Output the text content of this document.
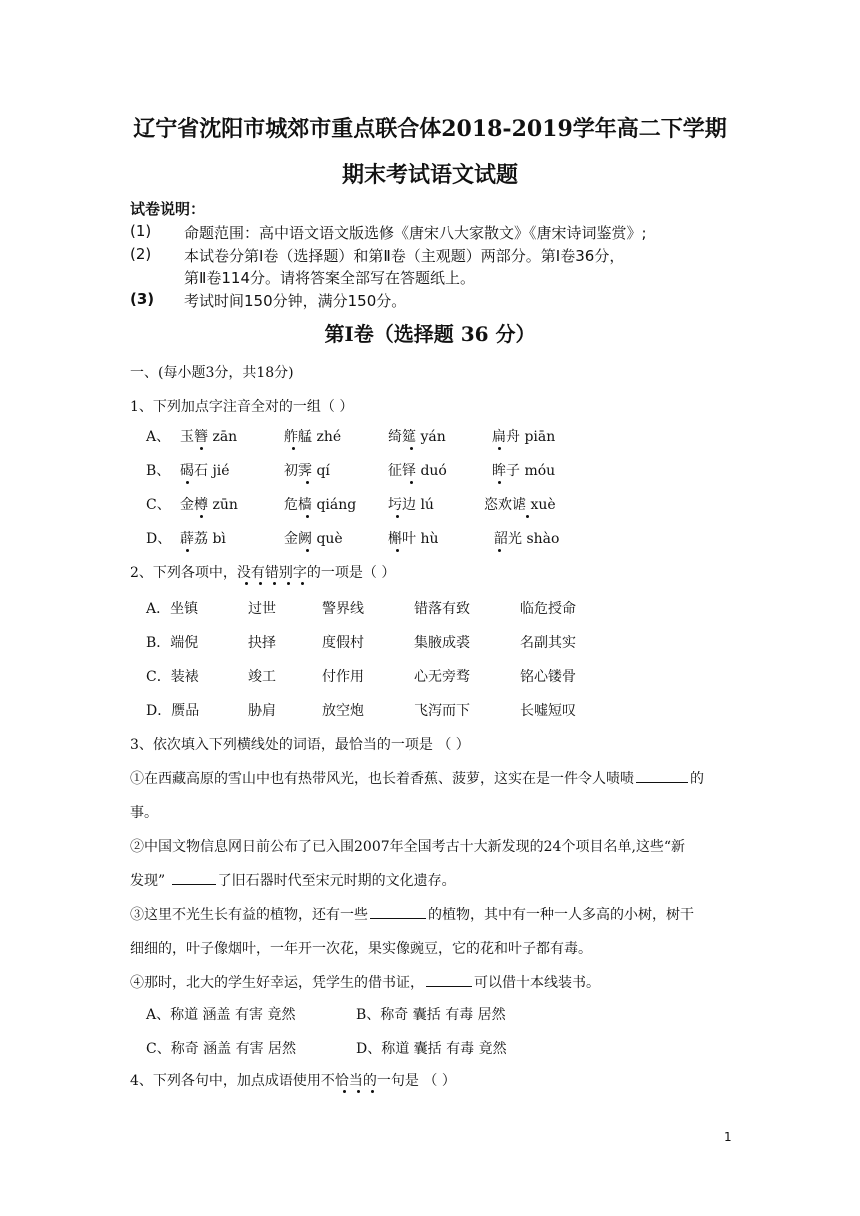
辽宁省沈阳市城郊市重点联合体2018-2019学年高二下学期
期末考试语文试题
试卷说明：
(1) 命题范围：高中语文语文版选修《唐宋八大家散文》《唐宋诗词鉴赏》;
(2) 本试卷分第Ⅰ卷（选择题）和第Ⅱ卷（主观题）两部分。第Ⅰ卷36分，
第Ⅱ卷114分。请将答案全部写在答题纸上。
(3) 考试时间150分钟，满分150分。
第Ⅰ卷（选择题 36 分）
一、(每小题3分，共18分)
1、下列加点字注音全对的一组（ ）
A、 玉簪 zān	舴艋 zhé	绮筵 yán	扁舟 piān
B、 碣石 jié	初霁 qí	征铎 duó	眸子 móu
C、 金樽 zūn	危樯 qiáng 圬边 lú	恣欢谑 xuè
D、 薜荔 bì	金阙 què	槲叶 hù	韶光 shào
2、下列各项中，没有错别字的一项是（ ）
A．坐镇	过世	警界线	错落有致	临危授命
B．端倪	抉择	度假村	集腋成裘	名副其实
C．装裱	竣工	付作用	心无旁骛	铭心镂骨
D．赝品	胁肩	放空炮	飞泻而下	长嘘短叹
3、依次填入下列横线处的词语，最恰当的一项是 （ ）
①在西藏高原的雪山中也有热带风光，也长着香蕉、菠萝，这实在是一件令人啧啧	的
事。
②中国文物信息网日前公布了已入围2007年全国考古十大新发现的24个项目名单,这些“新
发现”	了旧石器时代至宋元时期的文化遗存。
③这里不光生长有益的植物，还有一些	的植物，其中有一种一人多高的小树，树干
细细的，叶子像烟叶，一年开一次花，果实像豌豆，它的花和叶子都有毒。
④那时，北大的学生好幸运，凭学生的借书证，	可以借十本线装书。
A、称道 涵盖 有害 竟然	B、称奇 囊括 有毒 居然
C、称奇 涵盖 有害 居然	D、称道 囊括 有毒 竟然
4、下列各句中，加点成语使用不恰当的一句是 （ ）
1
